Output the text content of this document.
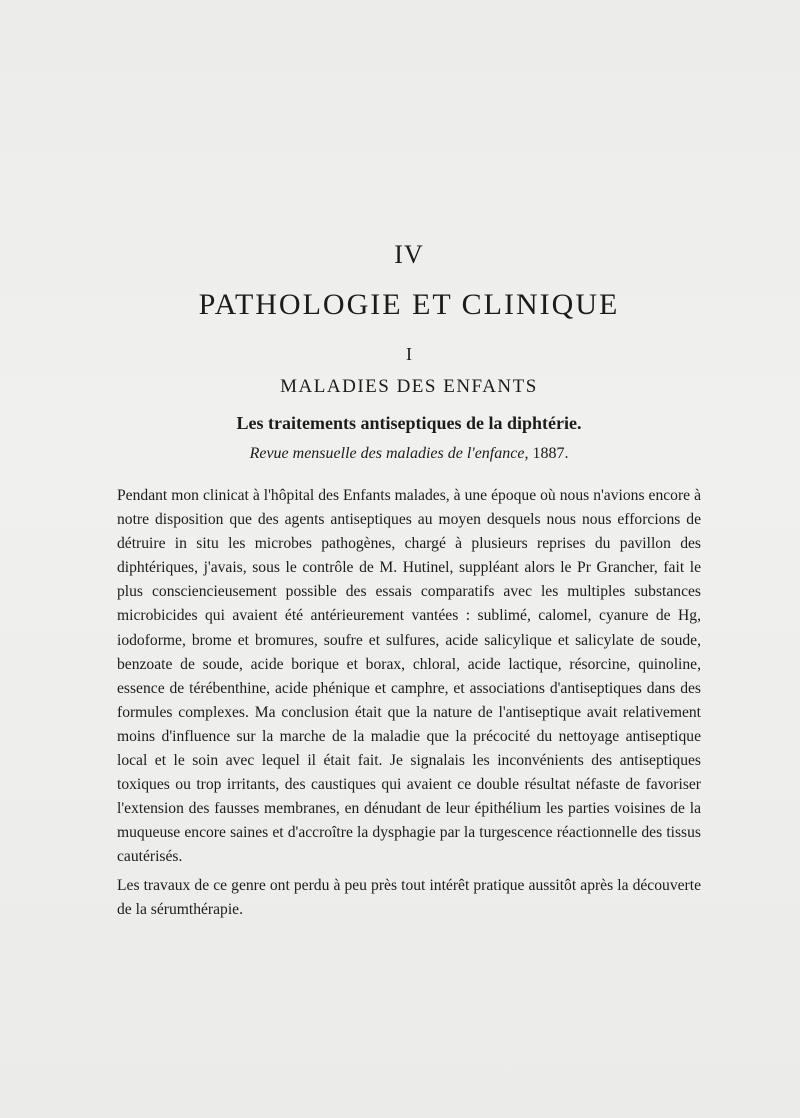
IV
PATHOLOGIE ET CLINIQUE
I
MALADIES DES ENFANTS
Les traitements antiseptiques de la diphtérie.
Revue mensuelle des maladies de l'enfance, 1887.

Pendant mon clinicat à l'hôpital des Enfants malades, à une époque où nous n'avions encore à notre disposition que des agents antiseptiques au moyen desquels nous nous efforcions de détruire in situ les microbes pathogènes, chargé à plusieurs reprises du pavillon des diphtériques, j'avais, sous le contrôle de M. Hutinel, suppléant alors le Pr Grancher, fait le plus consciencieusement possible des essais comparatifs avec les multiples substances microbicides qui avaient été antérieurement vantées : sublimé, calomel, cyanure de Hg, iodoforme, brome et bromures, soufre et sulfures, acide salicylique et salicylate de soude, benzoate de soude, acide borique et borax, chloral, acide lactique, résorcine, quinoline, essence de térébenthine, acide phénique et camphre, et associations d'antiseptiques dans des formules complexes. Ma conclusion était que la nature de l'antiseptique avait relativement moins d'influence sur la marche de la maladie que la précocité du nettoyage antiseptique local et le soin avec lequel il était fait. Je signalais les inconvénients des antiseptiques toxiques ou trop irritants, des caustiques qui avaient ce double résultat néfaste de favoriser l'extension des fausses membranes, en dénudant de leur épithélium les parties voisines de la muqueuse encore saines et d'accroître la dysphagie par la turgescence réactionnelle des tissus cautérisés.

Les travaux de ce genre ont perdu à peu près tout intérêt pratique aussitôt après la découverte de la sérumthérapie.
